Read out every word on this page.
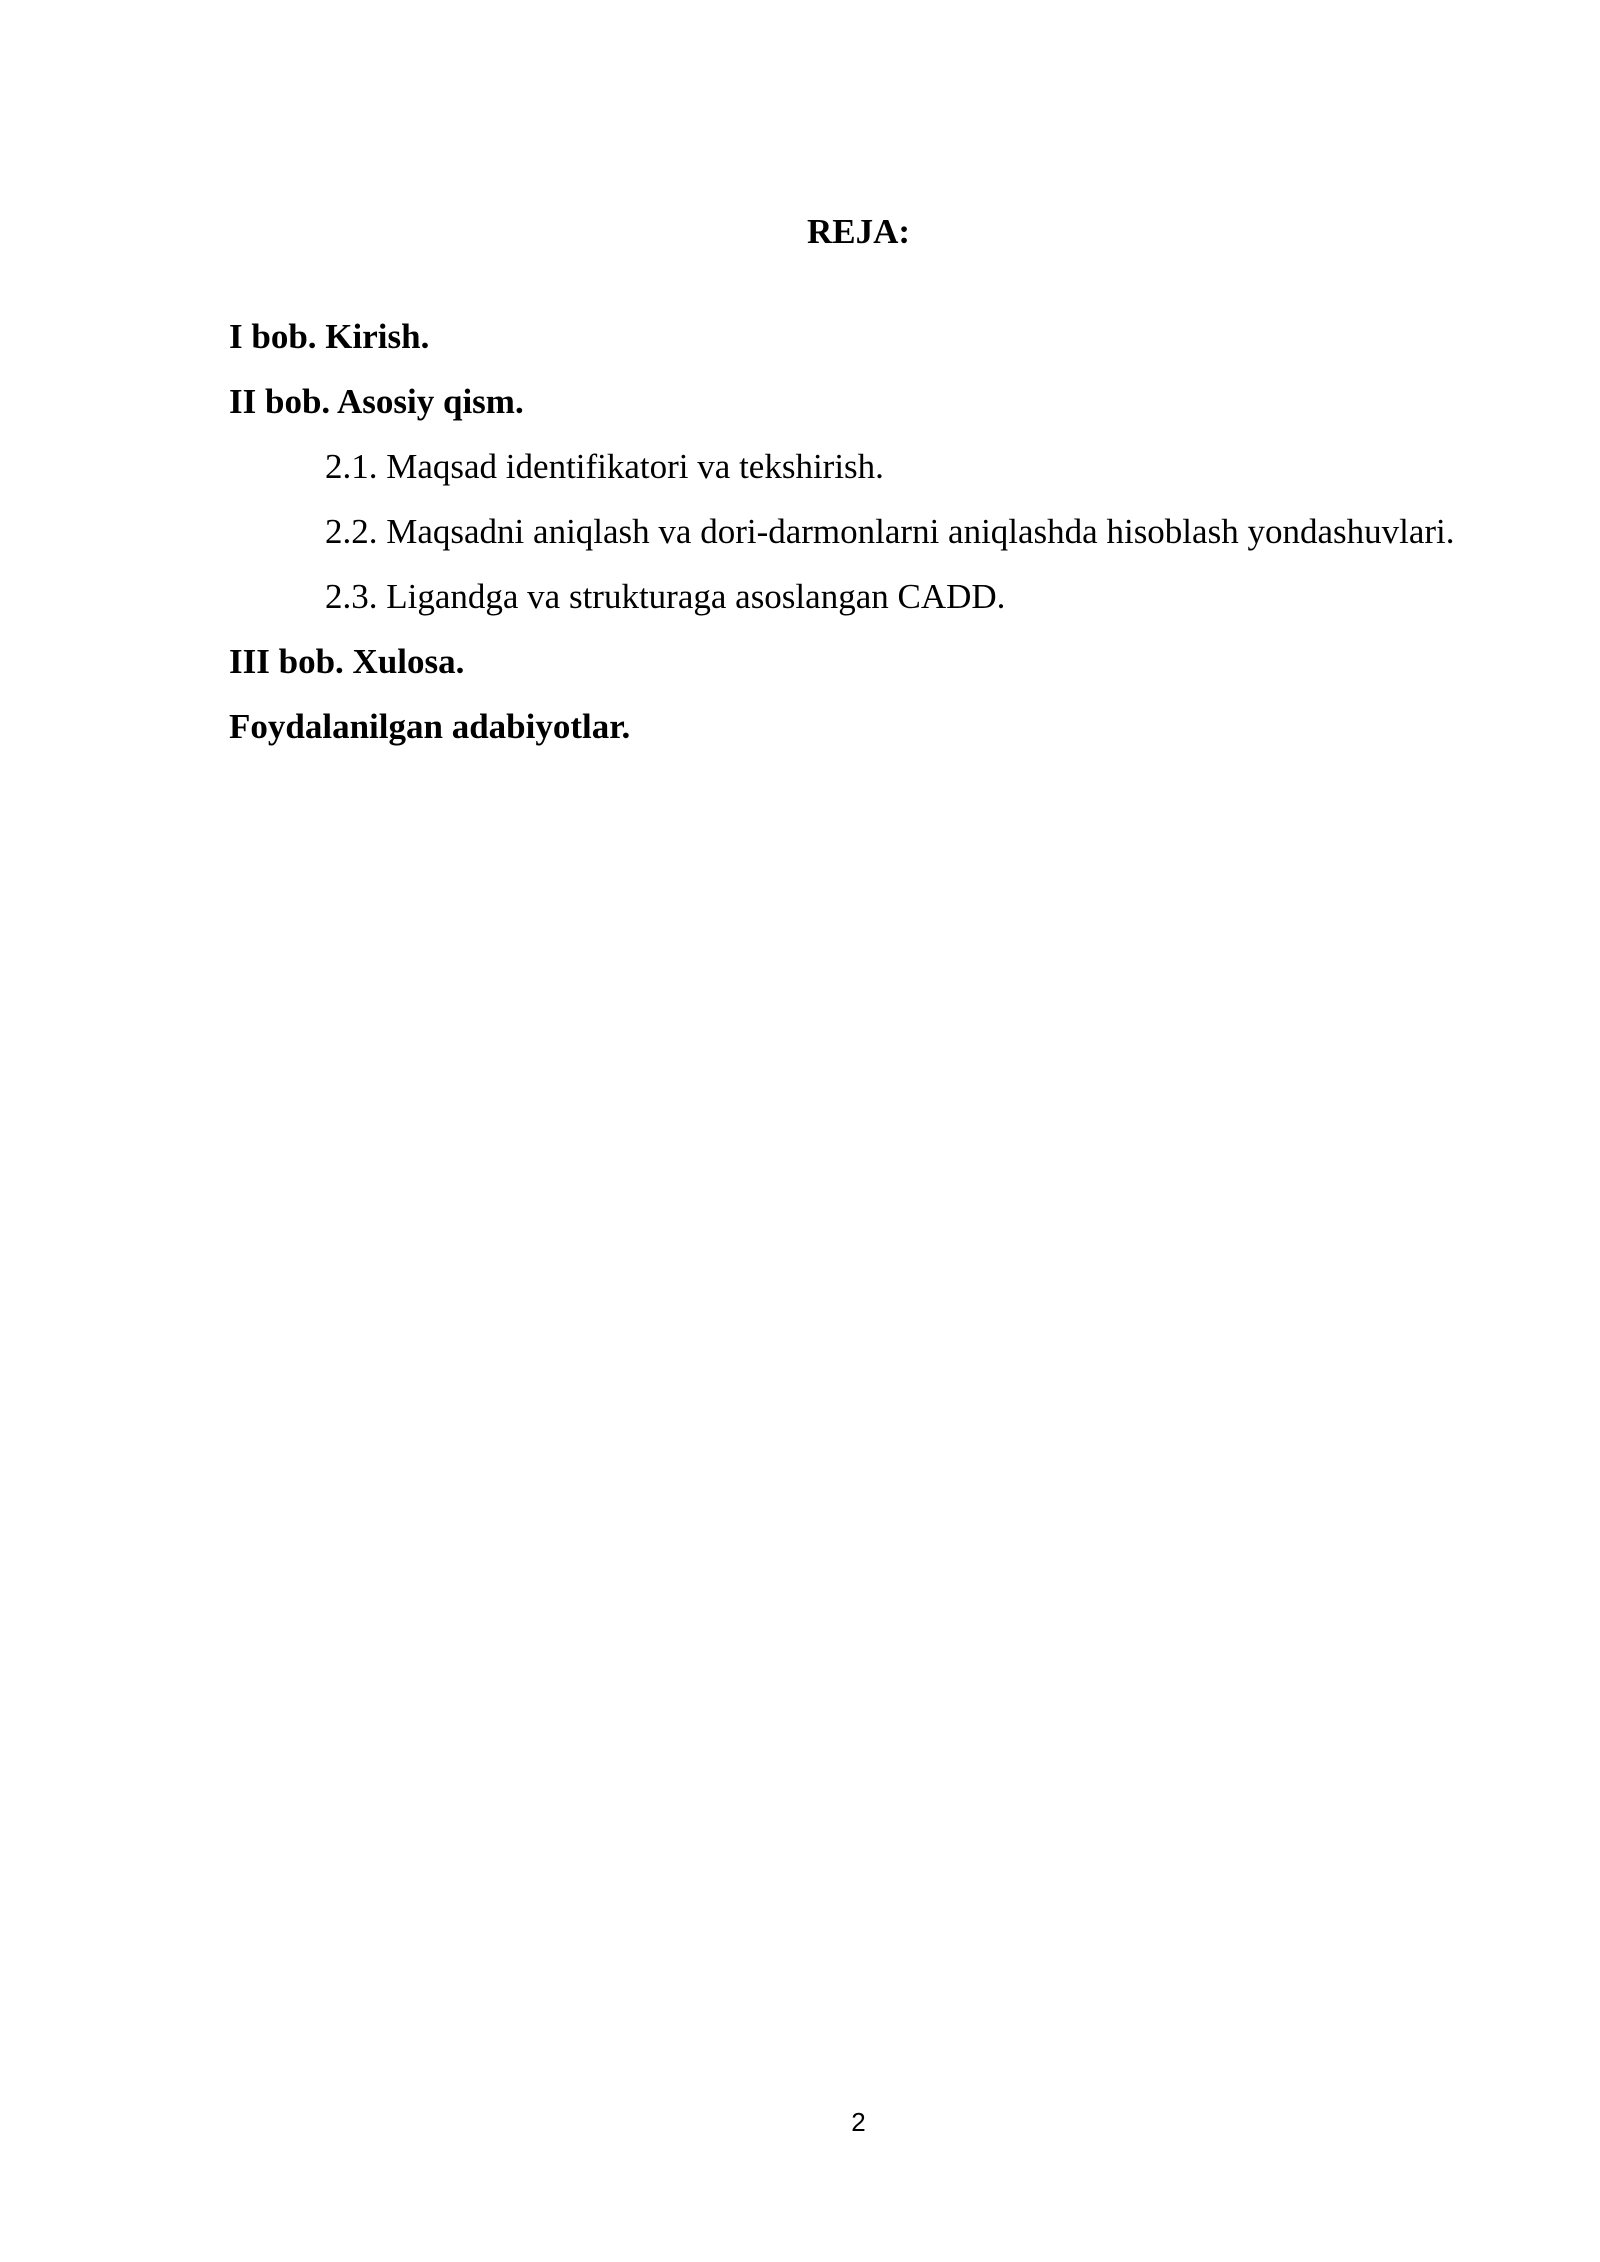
REJA:

I bob. Kirish.

II bob. Asosiy qism.

2.1. Maqsad identifikatori va tekshirish.

2.2. Maqsadni aniqlash va dori-darmonlarni aniqlashda hisoblash yondashuvlari.

2.3. Ligandga va strukturaga asoslangan CADD.

III bob. Xulosa.

Foydalanilgan adabiyotlar.

2
